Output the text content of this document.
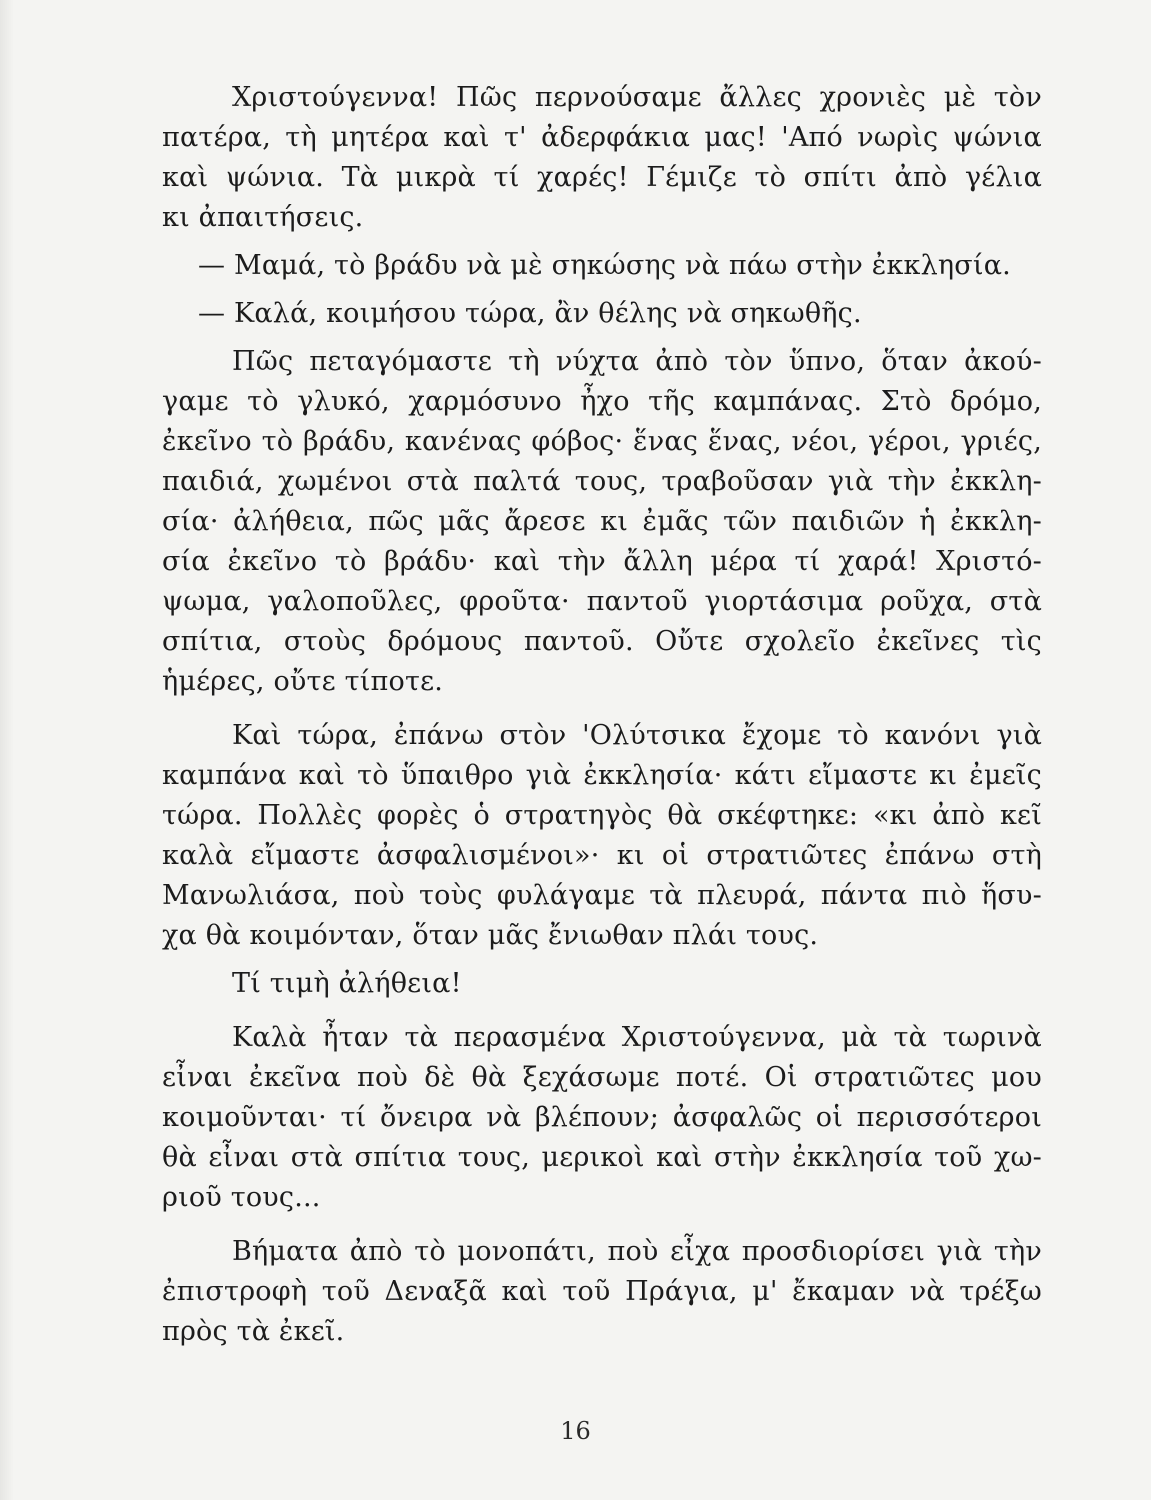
Χριστούγεννα! Πῶς περνούσαμε ἄλλες χρονιὲς μὲ τὸν
πατέρα, τὴ μητέρα καὶ τ' ἀδερφάκια μας! 'Από νωρὶς ψώνια
καὶ ψώνια. Τὰ μικρὰ τί χαρές! Γέμιζε τὸ σπίτι ἀπὸ γέλια
κι ἀπαιτήσεις.
— Μαμά, τὸ βράδυ νὰ μὲ σηκώσης νὰ πάω στὴν ἐκκλησία.
— Καλά, κοιμήσου τώρα, ἂν θέλης νὰ σηκωθῆς.
Πῶς πεταγόμαστε τὴ νύχτα ἀπὸ τὸν ὕπνο, ὅταν ἀκού-
γαμε τὸ γλυκό, χαρμόσυνο ἦχο τῆς καμπάνας. Στὸ δρόμο,
ἐκεῖνο τὸ βράδυ, κανένας φόβος· ἕνας ἕνας, νέοι, γέροι, γριές,
παιδιά, χωμένοι στὰ παλτά τους, τραβοῦσαν γιὰ τὴν ἐκκλη-
σία· ἀλήθεια, πῶς μᾶς ἄρεσε κι ἐμᾶς τῶν παιδιῶν ἡ ἐκκλη-
σία ἐκεῖνο τὸ βράδυ· καὶ τὴν ἄλλη μέρα τί χαρά! Χριστό-
ψωμα, γαλοποῦλες, φροῦτα· παντοῦ γιορτάσιμα ροῦχα, στὰ
σπίτια, στοὺς δρόμους παντοῦ. Οὔτε σχολεῖο ἐκεῖνες τὶς
ἡμέρες, οὔτε τίποτε.
Καὶ τώρα, ἐπάνω στὸν 'Ολύτσικα ἔχομε τὸ κανόνι γιὰ
καμπάνα καὶ τὸ ὕπαιθρο γιὰ ἐκκλησία· κάτι εἴμαστε κι ἐμεῖς
τώρα. Πολλὲς φορὲς ὁ στρατηγὸς θὰ σκέφτηκε: «κι ἀπὸ κεῖ
καλὰ εἴμαστε ἀσφαλισμένοι»· κι οἱ στρατιῶτες ἐπάνω στὴ
Μανωλιάσα, ποὺ τοὺς φυλάγαμε τὰ πλευρά, πάντα πιὸ ἥσυ-
χα θὰ κοιμόνταν, ὅταν μᾶς ἔνιωθαν πλάι τους.
Τί τιμὴ ἀλήθεια!
Καλὰ ἦταν τὰ περασμένα Χριστούγεννα, μὰ τὰ τωρινὰ
εἶναι ἐκεῖνα ποὺ δὲ θὰ ξεχάσωμε ποτέ. Οἱ στρατιῶτες μου
κοιμοῦνται· τί ὄνειρα νὰ βλέπουν; ἀσφαλῶς οἱ περισσότεροι
θὰ εἶναι στὰ σπίτια τους, μερικοὶ καὶ στὴν ἐκκλησία τοῦ χω-
ριοῦ τους...
Βήματα ἀπὸ τὸ μονοπάτι, ποὺ εἶχα προσδιορίσει γιὰ τὴν
ἐπιστροφὴ τοῦ Δεναξᾶ καὶ τοῦ Πράγια, μ' ἔκαμαν νὰ τρέξω
πρὸς τὰ ἐκεῖ.
16
